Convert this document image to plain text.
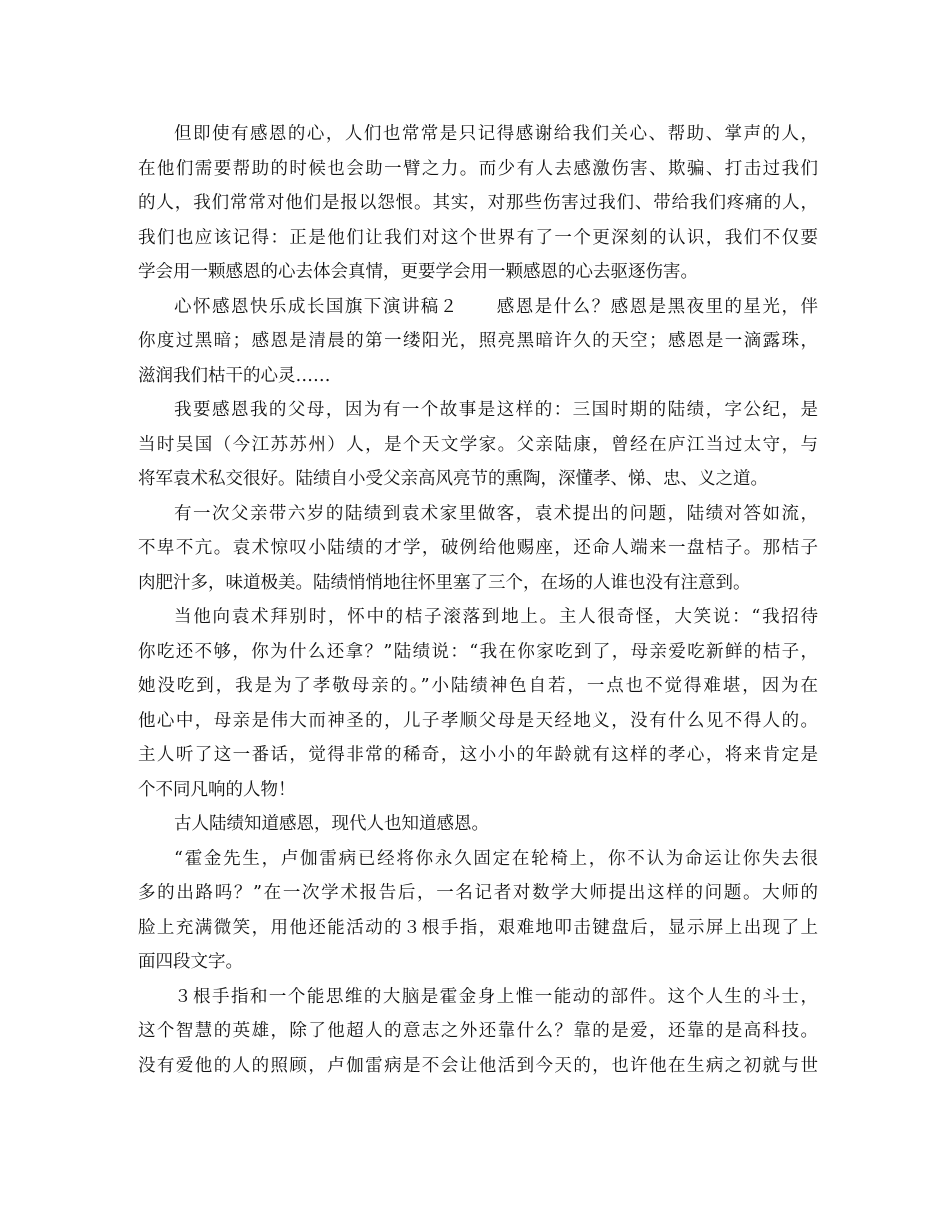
但即使有感恩的心，人们也常常是只记得感谢给我们关心、帮助、掌声的人，
在他们需要帮助的时候也会助一臂之力。而少有人去感激伤害、欺骗、打击过我们
的人，我们常常对他们是报以怨恨。其实，对那些伤害过我们、带给我们疼痛的人，
我们也应该记得：正是他们让我们对这个世界有了一个更深刻的认识，我们不仅要
学会用一颗感恩的心去体会真情，更要学会用一颗感恩的心去驱逐伤害。
心怀感恩快乐成长国旗下演讲稿２　　感恩是什么？感恩是黑夜里的星光，伴
你度过黑暗；感恩是清晨的第一缕阳光，照亮黑暗许久的天空；感恩是一滴露珠，
滋润我们枯干的心灵……
我要感恩我的父母，因为有一个故事是这样的：三国时期的陆绩，字公纪，是
当时吴国（今江苏苏州）人，是个天文学家。父亲陆康，曾经在庐江当过太守，与
将军袁术私交很好。陆绩自小受父亲高风亮节的熏陶，深懂孝、悌、忠、义之道。
有一次父亲带六岁的陆绩到袁术家里做客，袁术提出的问题，陆绩对答如流，
不卑不亢。袁术惊叹小陆绩的才学，破例给他赐座，还命人端来一盘桔子。那桔子
肉肥汁多，味道极美。陆绩悄悄地往怀里塞了三个，在场的人谁也没有注意到。
当他向袁术拜别时，怀中的桔子滚落到地上。主人很奇怪，大笑说：“我招待
你吃还不够，你为什么还拿？”陆绩说：“我在你家吃到了，母亲爱吃新鲜的桔子，
她没吃到，我是为了孝敬母亲的。”小陆绩神色自若，一点也不觉得难堪，因为在
他心中，母亲是伟大而神圣的，儿子孝顺父母是天经地义，没有什么见不得人的。
主人听了这一番话，觉得非常的稀奇，这小小的年龄就有这样的孝心，将来肯定是
个不同凡响的人物！
古人陆绩知道感恩，现代人也知道感恩。
“霍金先生，卢伽雷病已经将你永久固定在轮椅上，你不认为命运让你失去很
多的出路吗？”在一次学术报告后，一名记者对数学大师提出这样的问题。大师的
脸上充满微笑，用他还能活动的３根手指，艰难地叩击键盘后，显示屏上出现了上
面四段文字。
３根手指和一个能思维的大脑是霍金身上惟一能动的部件。这个人生的斗士，
这个智慧的英雄，除了他超人的意志之外还靠什么？靠的是爱，还靠的是高科技。
没有爱他的人的照顾，卢伽雷病是不会让他活到今天的，也许他在生病之初就与世
